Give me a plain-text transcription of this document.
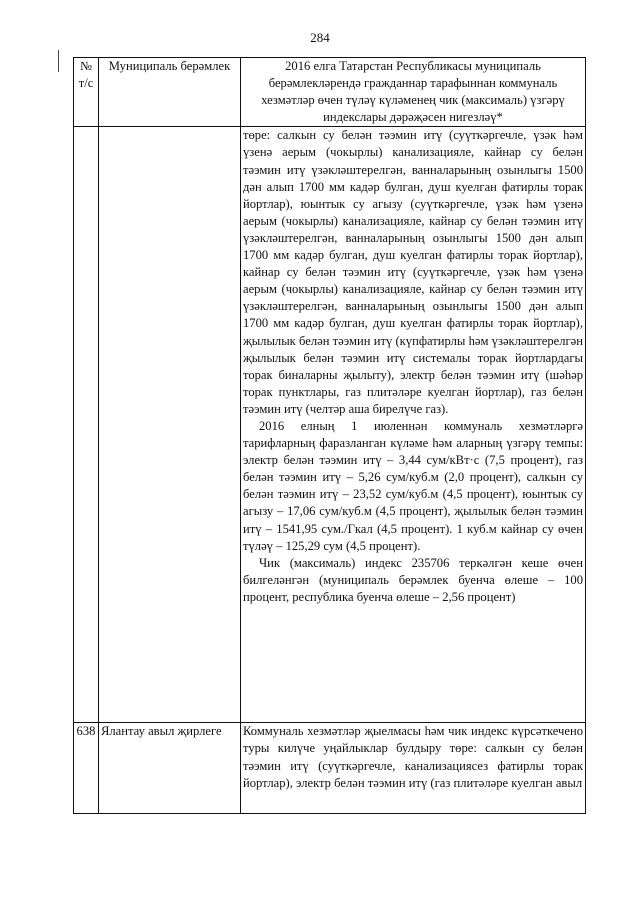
284
№ т/с	Муниципаль берәмлек	2016 елга Татарстан Республикасы муниципаль берәмлекләрендә гражданнар тарафыннан коммуналь хезмәтләр өчен түләү күләменең чик (максималь) үзгәрү индекслары дәрәҗәсен нигезләү*

		төре: салкын су белән тәэмин итү (суүткәргечле, үзәк һәм үзенә аерым (чокырлы) канализацияле, кайнар су белән тәэмин итү үзәкләштерелгән, ванналарының озынлыгы 1500 дән алып 1700 мм кадәр булган, душ куелган фатирлы торак йортлар), юынтык су агызу (суүткәргечле, үзәк һәм үзенә аерым (чокырлы) канализацияле, кайнар су белән тәэмин итү үзәкләштерелгән, ванналарының озынлыгы 1500 дән алып 1700 мм кадәр булган, душ куелган фатирлы торак йортлар), кайнар су белән тәэмин итү (суүткәргечле, үзәк һәм үзенә аерым (чокырлы) канализацияле, кайнар су белән тәэмин итү үзәкләштерелгән, ванналарының озынлыгы 1500 дән алып 1700 мм кадәр булган, душ куелган фатирлы торак йортлар), җылылык белән тәэмин итү (күпфатирлы һәм үзәкләштерелгән җылылык белән тәэмин итү системалы торак йортлардагы торак биналарны җылыту), электр белән тәэмин итү (шәһәр торак пунктлары, газ плитәләре куелган йортлар), газ белән тәэмин итү (челтәр аша бирелүче газ).
2016 елның 1 июленнән коммуналь хезмәтләргә тарифларның фаразланган күләме һәм аларның үзгәрү темпы: электр белән тәэмин итү – 3,44 сум/кВт·с (7,5 процент), газ белән тәэмин итү – 5,26 сум/куб.м (2,0 процент), салкын су белән тәэмин итү – 23,52 сум/куб.м (4,5 процент), юынтык су агызу – 17,06 сум/куб.м (4,5 процент), җылылык белән тәэмин итү – 1541,95 сум./Гкал (4,5 процент). 1 куб.м кайнар су өчен түләү – 125,29 сум (4,5 процент).
Чик (максималь) индекс 235706 теркәлгән кеше өчен билгеләнгән (муниципаль берәмлек буенча өлеше – 100 процент, республика буенча өлеше – 2,56 процент)

638	Ялантау авыл җирлеге	Коммуналь хезмәтләр җыелмасы һәм чик индекс күрсәткечено туры килүче уңайлыклар булдыру төре: салкын су белән тәэмин итү (суүткәргечле, канализациясез фатирлы торак йортлар), электр белән тәэмин итү (газ плитәләре куелган авыл
